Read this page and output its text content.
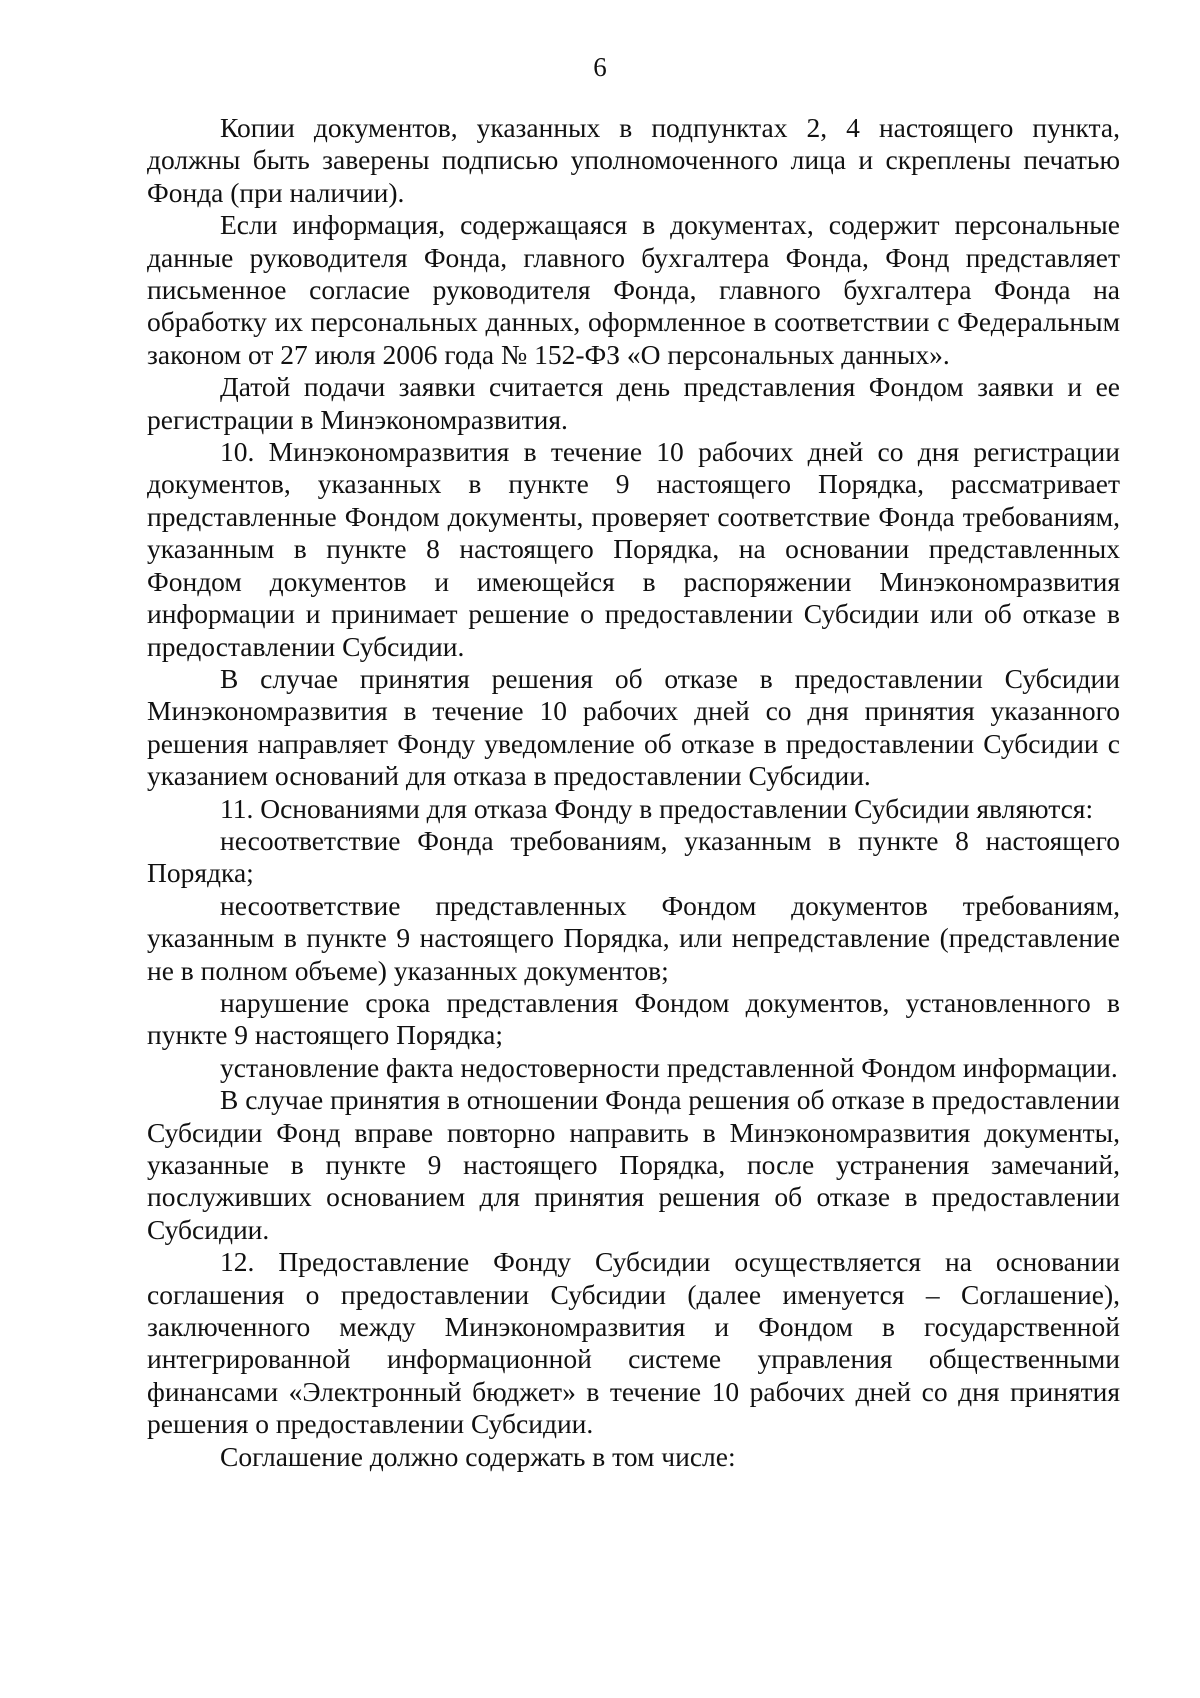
6

Копии документов, указанных в подпунктах 2, 4 настоящего пункта, должны быть заверены подписью уполномоченного лица и скреплены печатью Фонда (при наличии).

Если информация, содержащаяся в документах, содержит персональные данные руководителя Фонда, главного бухгалтера Фонда, Фонд представляет письменное согласие руководителя Фонда, главного бухгалтера Фонда на обработку их персональных данных, оформленное в соответствии с Федеральным законом от 27 июля 2006 года № 152-ФЗ «О персональных данных».

Датой подачи заявки считается день представления Фондом заявки и ее регистрации в Минэкономразвития.

10. Минэкономразвития в течение 10 рабочих дней со дня регистрации документов, указанных в пункте 9 настоящего Порядка, рассматривает представленные Фондом документы, проверяет соответствие Фонда требованиям, указанным в пункте 8 настоящего Порядка, на основании представленных Фондом документов и имеющейся в распоряжении Минэкономразвития информации и принимает решение о предоставлении Субсидии или об отказе в предоставлении Субсидии.

В случае принятия решения об отказе в предоставлении Субсидии Минэкономразвития в течение 10 рабочих дней со дня принятия указанного решения направляет Фонду уведомление об отказе в предоставлении Субсидии с указанием оснований для отказа в предоставлении Субсидии.

11. Основаниями для отказа Фонду в предоставлении Субсидии являются:

несоответствие Фонда требованиям, указанным в пункте 8 настоящего Порядка;

несоответствие представленных Фондом документов требованиям, указанным в пункте 9 настоящего Порядка, или непредставление (представление не в полном объеме) указанных документов;

нарушение срока представления Фондом документов, установленного в пункте 9 настоящего Порядка;

установление факта недостоверности представленной Фондом информации.

В случае принятия в отношении Фонда решения об отказе в предоставлении Субсидии Фонд вправе повторно направить в Минэкономразвития документы, указанные в пункте 9 настоящего Порядка, после устранения замечаний, послуживших основанием для принятия решения об отказе в предоставлении Субсидии.

12. Предоставление Фонду Субсидии осуществляется на основании соглашения о предоставлении Субсидии (далее именуется – Соглашение), заключенного между Минэкономразвития и Фондом в государственной интегрированной информационной системе управления общественными финансами «Электронный бюджет» в течение 10 рабочих дней со дня принятия решения о предоставлении Субсидии.

Соглашение должно содержать в том числе:
